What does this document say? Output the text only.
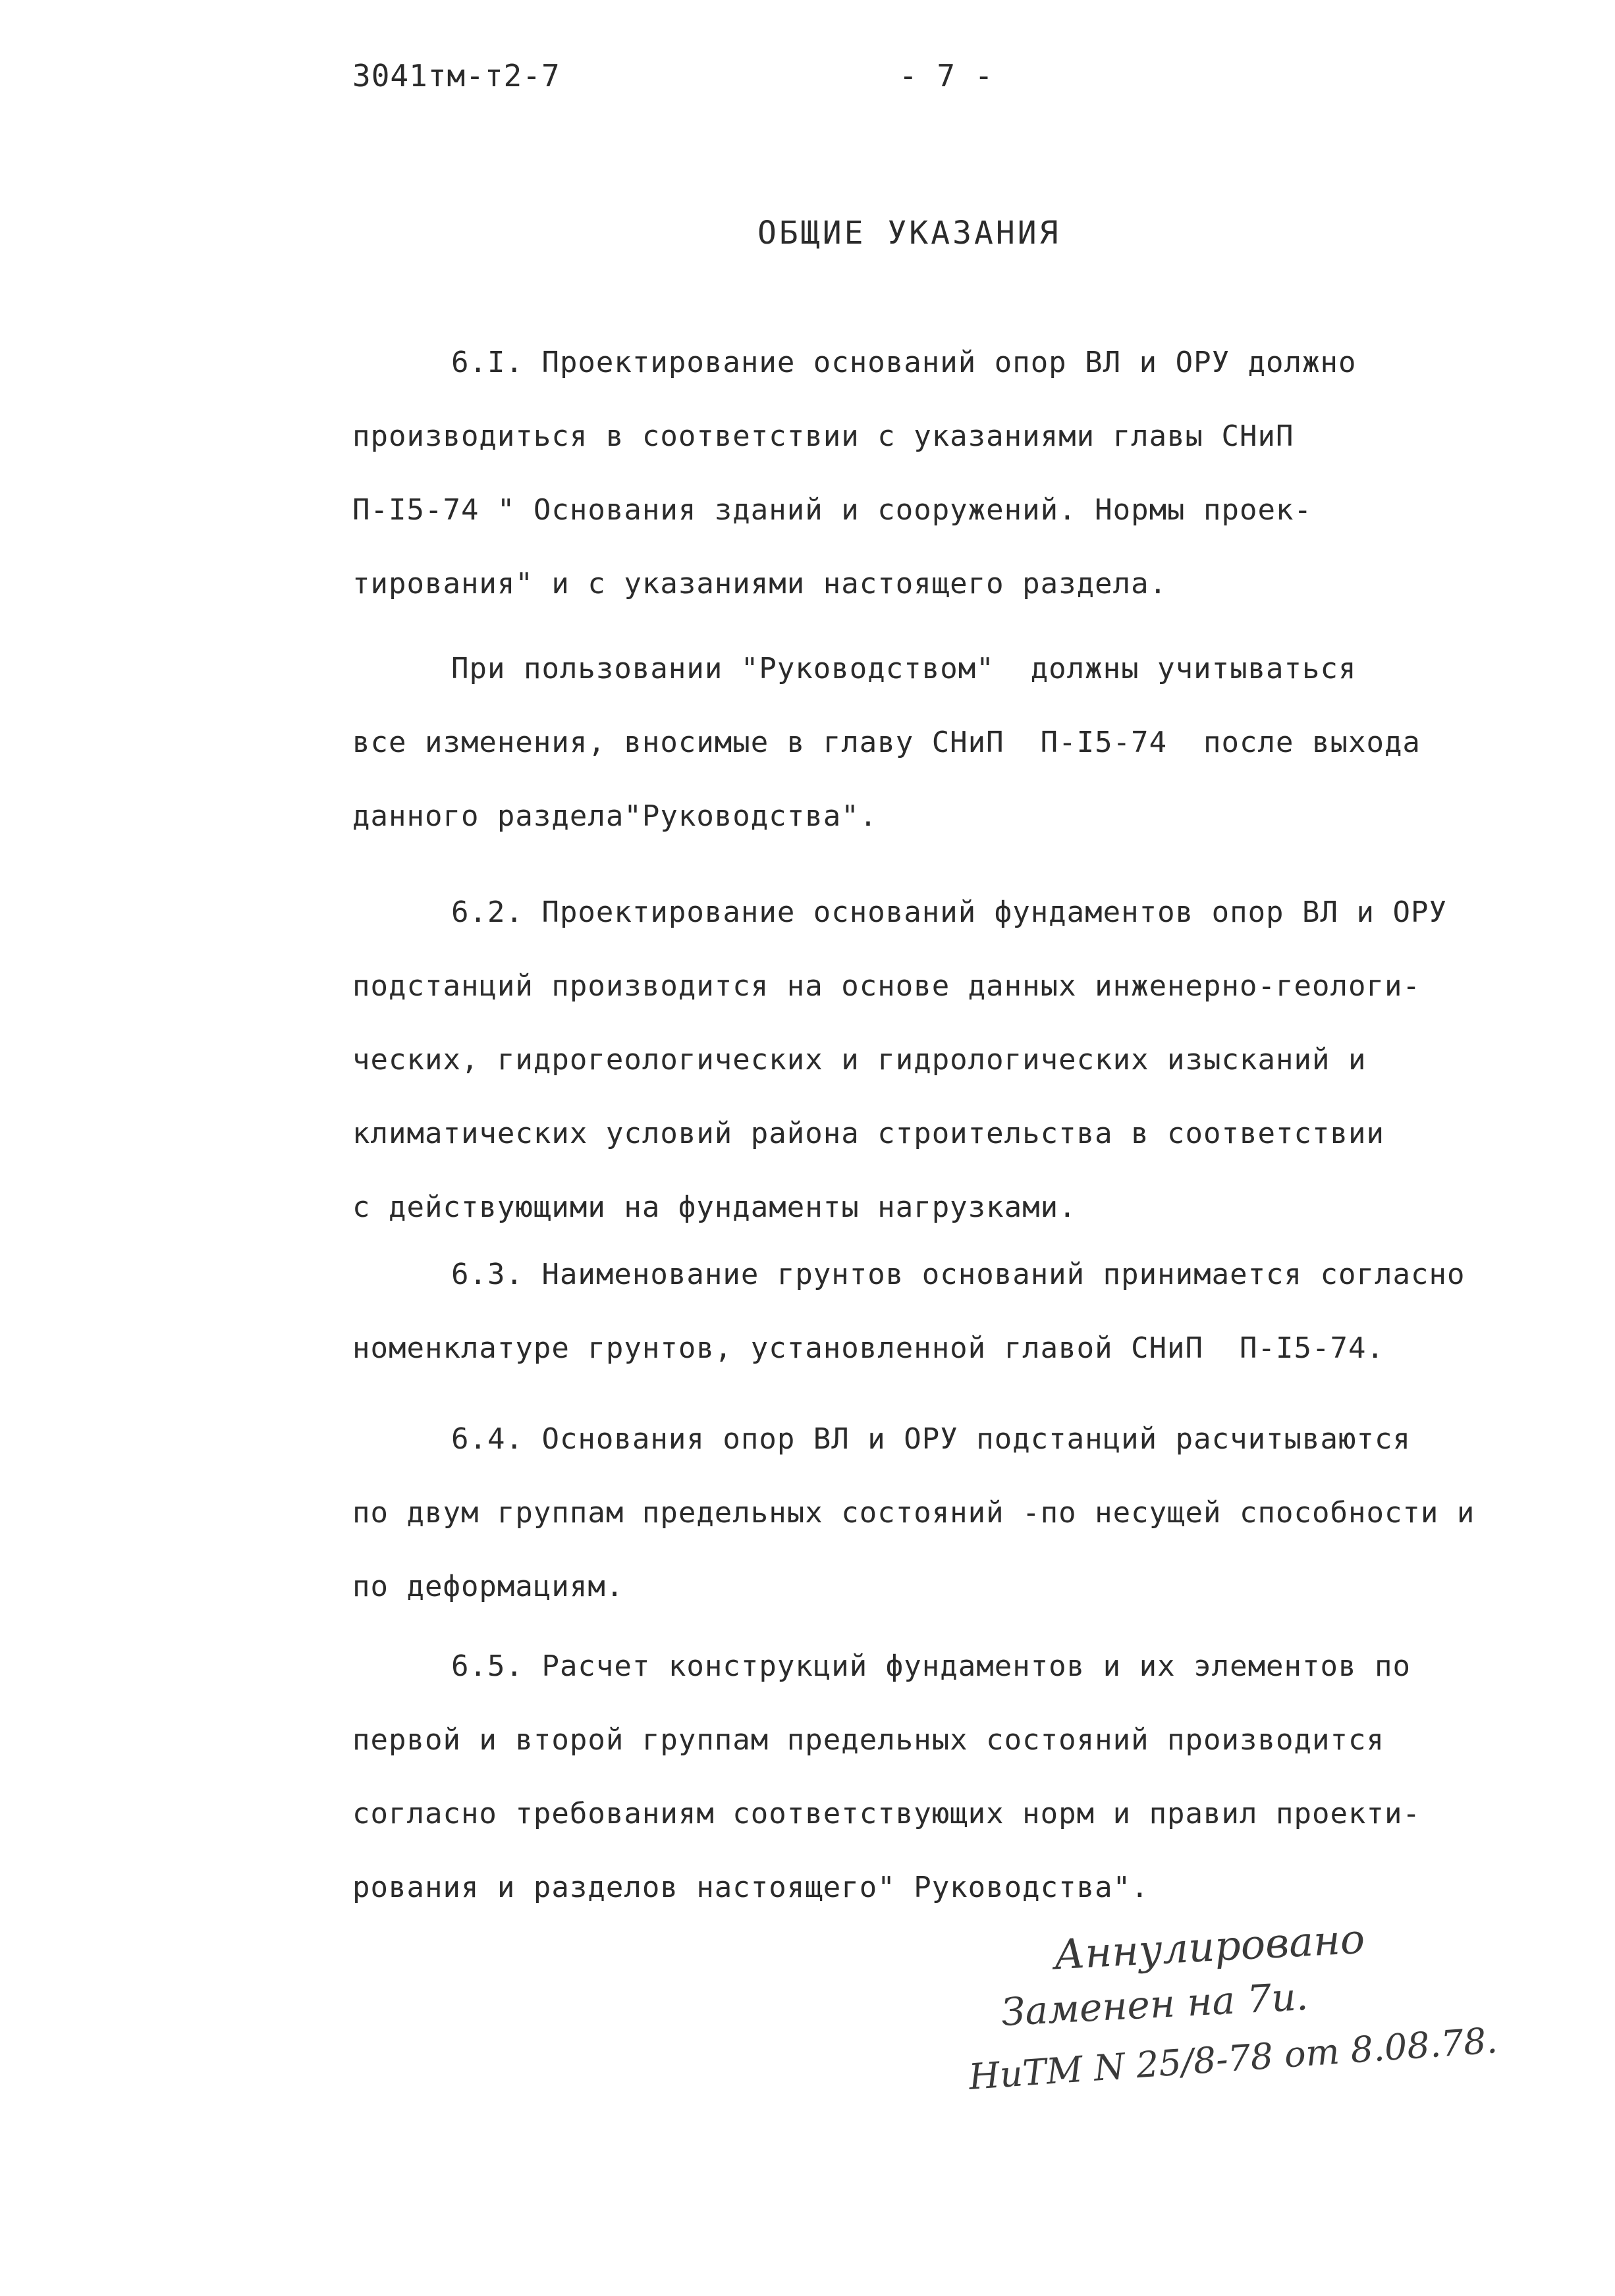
3041тм-т2-7	- 7 -
ОБЩИЕ УКАЗАНИЯ
6.I. Проектирование оснований опор ВЛ и ОРУ должно
производиться в соответствии с указаниями главы СНиП
П-I5-74 " Основания зданий и сооружений. Нормы проек-
тирования" и с указаниями настоящего раздела.
При пользовании "Руководством"  должны учитываться
все изменения, вносимые в главу СНиП  П-I5-74  после выхода
данного раздела"Руководства".
6.2. Проектирование оснований фундаментов опор ВЛ и ОРУ
подстанций производится на основе данных инженерно-геологи-
ческих, гидрогеологических и гидрологических изысканий и
климатических условий района строительства в соответствии
с действующими на фундаменты нагрузками.
6.3. Наименование грунтов оснований принимается согласно
номенклатуре грунтов, установленной главой СНиП  П-I5-74.
6.4. Основания опор ВЛ и ОРУ подстанций расчитываются
по двум группам предельных состояний -по несущей способности и
по деформациям.
6.5. Расчет конструкций фундаментов и их элементов по
первой и второй группам предельных состояний производится
согласно требованиям соответствующих норм и правил проекти-
рования и разделов настоящего" Руководства".
Аннулировано
Заменен на 7и.
НиТМ N 25/8-78 от 8.08.78.
